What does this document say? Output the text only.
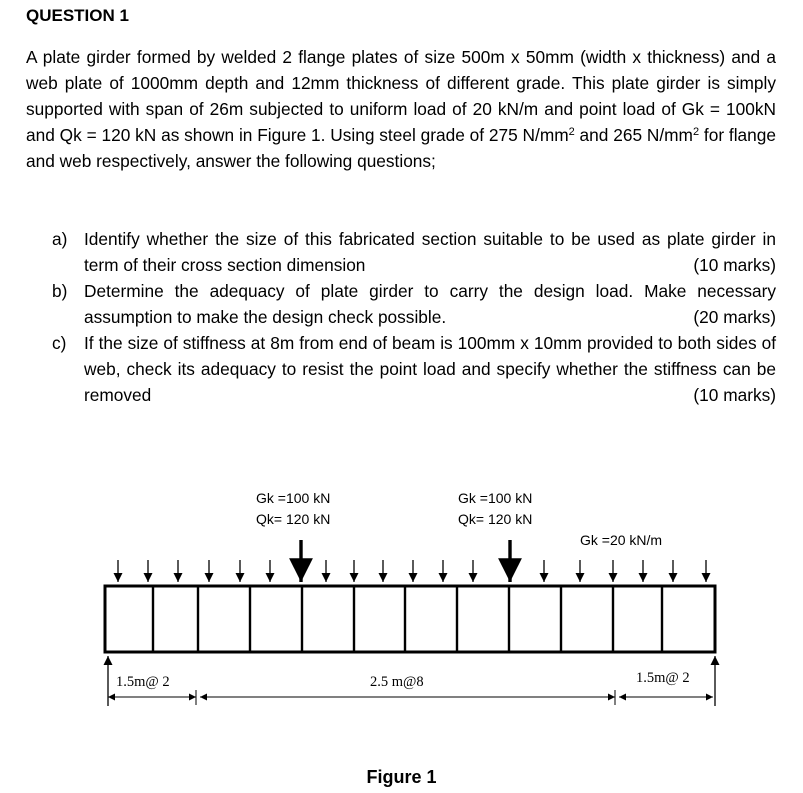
QUESTION 1

A plate girder formed by welded 2 flange plates of size 500m x 50mm (width x thickness) and a web plate of 1000mm depth and 12mm thickness of different grade. This plate girder is simply supported with span of 26m subjected to uniform load of 20 kN/m and point load of Gk = 100kN and Qk = 120 kN as shown in Figure 1. Using steel grade of 275 $N/mm^2$ and 265 $N/mm^2$ for flange and web respectively, answer the following questions;

a) Identify whether the size of this fabricated section suitable to be used as plate girder in term of their cross section dimension	(10 marks)
b) Determine the adequacy of plate girder to carry the design load. Make necessary assumption to make the design check possible.	(20 marks)
c) If the size of stiffness at 8m from end of beam is 100mm x 10mm provided to both sides of web, check its adequacy to resist the point load and specify whether the stiffness can be removed	(10 marks)
Gk =100 kN
Qk= 120 kN
Gk =100 kN
Qk= 120 kN
Gk =20 kN/m
1.5m@ 2	2.5 m@8	1.5m@ 2

Figure 1
